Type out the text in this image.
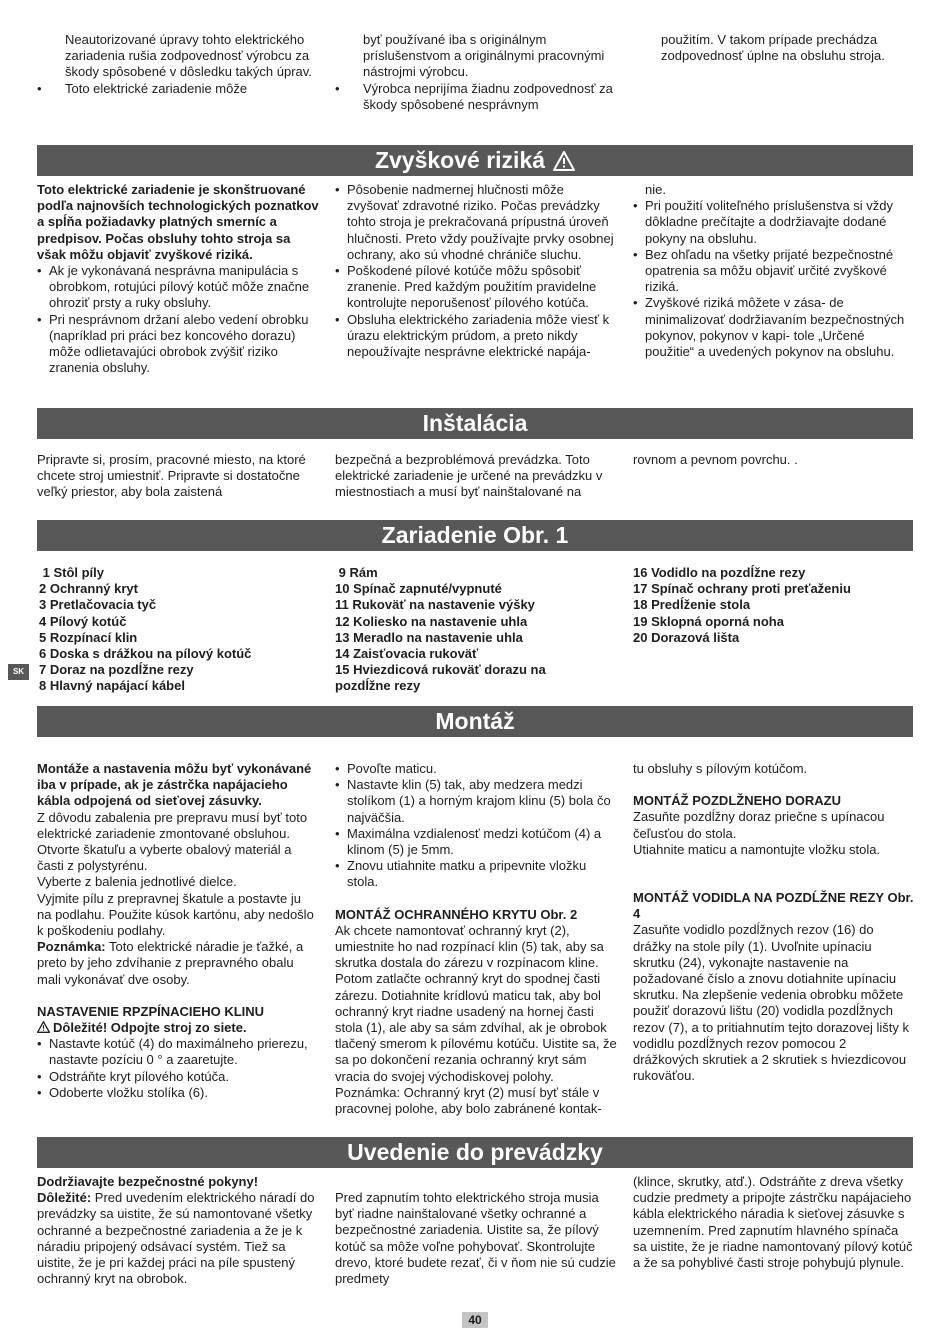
Neautorizované úpravy tohto elektrického zariadenia rušia zodpovednosť výrobcu za škody spôsobené v dôsledku takých úprav.

• Toto elektrické zariadenie môže

byť používané iba s originálnym príslušenstvom a originálnymi pracovnými nástrojmi výrobcu.

• Výrobca neprijíma žiadnu zodpovednosť za škody spôsobené nesprávnym

použitím. V takom prípade prechádza zodpovednosť úplne na obsluhu stroja.

Zvyškové riziká

Toto elektrické zariadenie je skonštruované podľa najnovších technologických poznatkov a spĺňa požiadavky platných smerníc a predpisov. Počas obsluhy tohto stroja sa však môžu objaviť zvyškové riziká.

• Ak je vykonávaná nesprávna manipulácia s obrobkom, rotujúci pílový kotúč môže značne ohroziť prsty a ruky obsluhy.
• Pri nesprávnom držaní alebo vedení obrobku (napríklad pri práci bez koncového dorazu) môže odlietavajúci obrobok zvýšiť riziko zranenia obsluhy.
• Pôsobenie nadmernej hlučnosti môže zvyšovať zdravotné riziko. Počas prevádzky tohto stroja je prekračovaná prípustná úroveň hlučnosti. Preto vždy používajte prvky osobnej ochrany, ako sú vhodné chrániče sluchu.
• Poškodené pílové kotúče môžu spôsobiť zranenie. Pred každým použitím pravidelne kontrolujte neporušenosť pílového kotúča.
• Obsluha elektrického zariadenia môže viesť k úrazu elektrickým prúdom, a preto nikdy nepoužívajte nesprávne elektrické napája-

nie.

• Pri použití voliteľného príslušenstva si vždy dôkladne prečítajte a dodržiavajte dodané pokyny na obsluhu.
• Bez ohľadu na všetky prijaté bezpečnostné opatrenia sa môžu objaviť určité zvyškové riziká.
• Zvyškové riziká môžete v zása- de minimalizovať dodržiavaním bezpečnostných pokynov, pokynov v kapi- tole „Určené použitie“ a uvedených pokynov na obsluhu.
Inštalácia

Pripravte si, prosím, pracovné miesto, na ktoré chcete stroj umiestniť. Pripravte si dostatočne veľký priestor, aby bola zaistená

bezpečná a bezproblémová prevádzka. Toto elektrické zariadenie je určené na prevádzku v miestnostiach a musí byť nainštalované na

rovnom a pevnom povrchu. .

Zariadenie Obr. 1

1 Stôl píly

2 Ochranný kryt

3 Pretlačovacia tyč

4 Pílový kotúč

5 Rozpínací klin

6 Doska s drážkou na pílový kotúč

7 Doraz na pozdĺžne rezy

8 Hlavný napájací kábel

9 Rám

10 Spínač zapnuté/vypnuté

11 Rukoväť na nastavenie výšky

12 Koliesko na nastavenie uhla

13 Meradlo na nastavenie uhla

14 Zaisťovacia rukoväť

15 Hviezdicová rukoväť dorazu na pozdĺžne rezy

16 Vodidlo na pozdĺžne rezy

17 Spínač ochrany proti preťaženiu

18 Predĺženie stola

19 Sklopná oporná noha

20 Dorazová lišta

SK
Montáž

Montáže a nastavenia môžu byť vykonávané iba v prípade, ak je zástrčka napájacieho kábla odpojená od sieťovej zásuvky.

Z dôvodu zabalenia pre prepravu musí byť toto elektrické zariadenie zmontované obsluhou.

Otvorte škatuľu a vyberte obalový materiál a časti z polystyrénu.

Vyberte z balenia jednotlivé dielce.

Vyjmite pílu z prepravnej škatule a postavte ju na podlahu. Použite kúsok kartónu, aby nedošlo k poškodeniu podlahy.

Poznámka: Toto elektrické náradie je ťažké, a preto by jeho zdvíhanie z prepravného obalu mali vykonávať dve osoby.

NASTAVENIE RPZPÍNACIEHO KLINU

Dôležité! Odpojte stroj zo siete.

• Nastavte kotúč (4) do maximálneho prierezu, nastavte pozíciu 0 ° a zaaretujte.
• Odstráňte kryt pílového kotúča.
• Odoberte vložku stolíka (6).
• Povoľte maticu.
• Nastavte klin (5) tak, aby medzera medzi stolíkom (1) a horným krajom klinu (5) bola čo najväčšia.
• Maximálna vzdialenosť medzi kotúčom (4) a klinom (5) je 5mm.
• Znovu utiahnite matku a pripevnite vložku stola.

MONTÁŽ OCHRANNÉHO KRYTU Obr. 2

Ak chcete namontovať ochranný kryt (2), umiestnite ho nad rozpínací klin (5) tak, aby sa skrutka dostala do zárezu v rozpínacom kline. Potom zatlačte ochranný kryt do spodnej časti zárezu. Dotiahnite krídlovú maticu tak, aby bol ochranný kryt riadne usadený na hornej časti stola (1), ale aby sa sám zdvíhal, ak je obrobok tlačený smerom k pílovému kotúču. Uistite sa, že sa po dokončení rezania ochranný kryt sám vracia do svojej východiskovej polohy. Poznámka: Ochranný kryt (2) musí byť stále v pracovnej polohe, aby bolo zabránené kontak-

tu obsluhy s pílovým kotúčom.

MONTÁŽ POZDLŽNEHO DORAZU

Zasuňte pozdĺžny doraz priečne s upínacou čeľusťou do stola.

Utiahnite maticu a namontujte vložku stola.

MONTÁŽ VODIDLA NA POZDĹŽNE REZY Obr. 4

Zasuňte vodidlo pozdĺžnych rezov (16) do drážky na stole píly (1). Uvoľnite upínaciu skrutku (24), vykonajte nastavenie na požadované číslo a znovu dotiahnite upínaciu skrutku. Na zlepšenie vedenia obrobku môžete použiť dorazovú lištu (20) vodidla pozdĺžnych rezov (7), a to pritiahnutím tejto dorazovej lišty k vodidlu pozdĺžnych rezov pomocou 2 drážkových skrutiek a 2 skrutiek s hviezdicovou rukoväťou.

Uvedenie do prevádzky

Dodržiavajte bezpečnostné pokyny!

Dôležité: Pred uvedením elektrického náradí do prevádzky sa uistite, že sú namontované všetky ochranné a bezpečnostné zariadenia a že je k náradiu pripojený odsávací systém. Tiež sa uistite, že je pri každej práci na píle spustený ochranný kryt na obrobok.

Pred zapnutím tohto elektrického stroja musia byť riadne nainštalované všetky ochranné a bezpečnostné zariadenia. Uistite sa, že pílový kotúč sa môže voľne pohybovať. Skontrolujte drevo, ktoré budete rezať, či v ňom nie sú cudzie predmety

(klince, skrutky, atď.). Odstráňte z dreva všetky cudzie predmety a pripojte zástrčku napájacieho kábla elektrického náradia k sieťovej zásuvke s uzemnením. Pred zapnutím hlavného spínača sa uistite, že je riadne namontovaný pílový kotúč a že sa pohyblivé časti stroje pohybujú plynule.

40
